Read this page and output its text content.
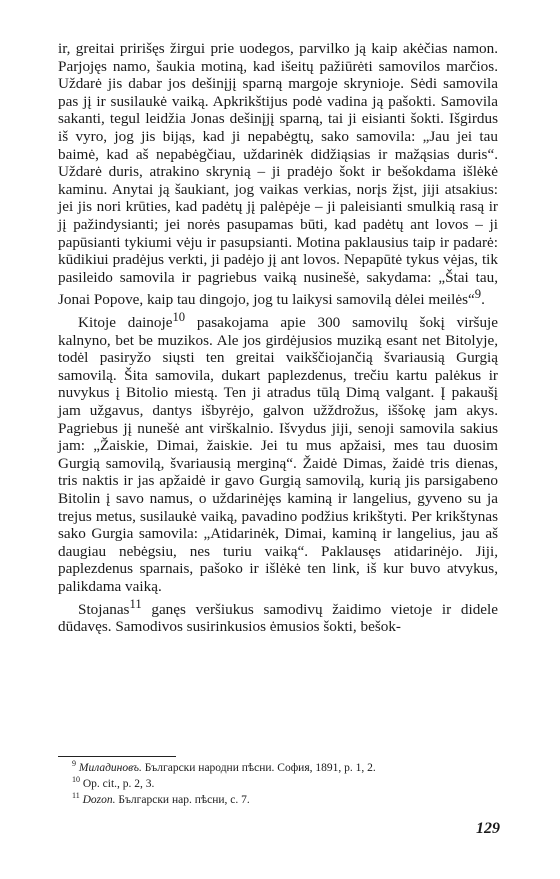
ir, greitai pririšęs žirgui prie uodegos, parvilko ją kaip akėčias namon. Parjojęs namo, šaukia motiną, kad išeitų pažiūrėti samovilos marčios. Uždarė jis dabar jos dešinįjį sparną margoje skrynioje. Sėdi samovila pas jį ir susilaukė vaiką. Apkrikštijus podė vadina ją pašokti. Samovila sakanti, tegul leidžia Jonas dešinįjį sparną, tai ji eisianti šokti. Išgirdus iš vyro, jog jis bijąs, kad ji nepabėgtų, sako samovila: „Jau jei tau baimė, kad aš nepabėgčiau, uždarinėk didžiąsias ir mažąsias duris“. Uždarė duris, atrakino skrynią – ji pradėjo šokt ir bešokdama išlėkė kaminu. Anytai ją šaukiant, jog vaikas verkias, norįs žįst, jiji atsakius: jei jis nori krūties, kad padėtų jį palėpėje – ji paleisianti smulkią rasą ir jį pažindysianti; jei norės pasupamas būti, kad padėtų ant lovos – ji papūsianti tykiumi vėju ir pasupsianti. Motina paklausius taip ir padarė: kūdikiui pradėjus verkti, ji padėjo jį ant lovos. Nepapūtė tykus vėjas, tik pasileido samovila ir pagriebus vaiką nusinešė, sakydama: „Štai tau, Jonai Popove, kaip tau dingojo, jog tu laikysi samovilą dėlei meilės“$^9$.

Kitoje dainoje$^{10}$ pasakojama apie 300 samovilų šokį viršuje kalnyno, bet be muzikos. Ale jos girdėjusios muziką esant net Bitolyje, todėl pasiryžo siųsti ten greitai vaikščiojančią švariausią Gurgią samovilą. Šita samovila, dukart paplezdenus, trečiu kartu palėkus ir nuvykus į Bitolio miestą. Ten ji atradus tūlą Dimą valgant. Į pakaušį jam užgavus, dantys išbyrėjo, galvon užždrožus, iššokę jam akys. Pagriebus jį nunešė ant virškalnio. Išvydus jiji, senoji samovila sakius jam: „Žaiskie, Dimai, žaiskie. Jei tu mus apžaisi, mes tau duosim Gurgią samovilą, švariausią merginą“. Žaidė Dimas, žaidė tris dienas, tris naktis ir jas apžaidė ir gavo Gurgią samovilą, kurią jis parsigabeno Bitolin į savo namus, o uždarinėjęs kaminą ir langelius, gyveno su ja trejus metus, susilaukė vaiką, pavadino podžius krikštyti. Per krikštynas sako Gurgia samovila: „Atidarinėk, Dimai, kaminą ir langelius, jau aš daugiau nebėgsiu, nes turiu vaiką“. Paklausęs atidarinėjo. Jiji, paplezdenus sparnais, pašoko ir išlėkė ten link, iš kur buvo atvykus, palikdama vaiką.

Stojanas$^{11}$ ganęs veršiukus samodivų žaidimo vietoje ir didele dūdavęs. Samodivos susirinkusios ėmusios šokti, bešok-

$^9$ Миладиновъ. Български народни пѣсни. София, 1891, p. 1, 2.

$^{10}$ Op. cit., p. 2, 3.

$^{11}$ Dozon. Български нар. пѣсни, c. 7.

129
